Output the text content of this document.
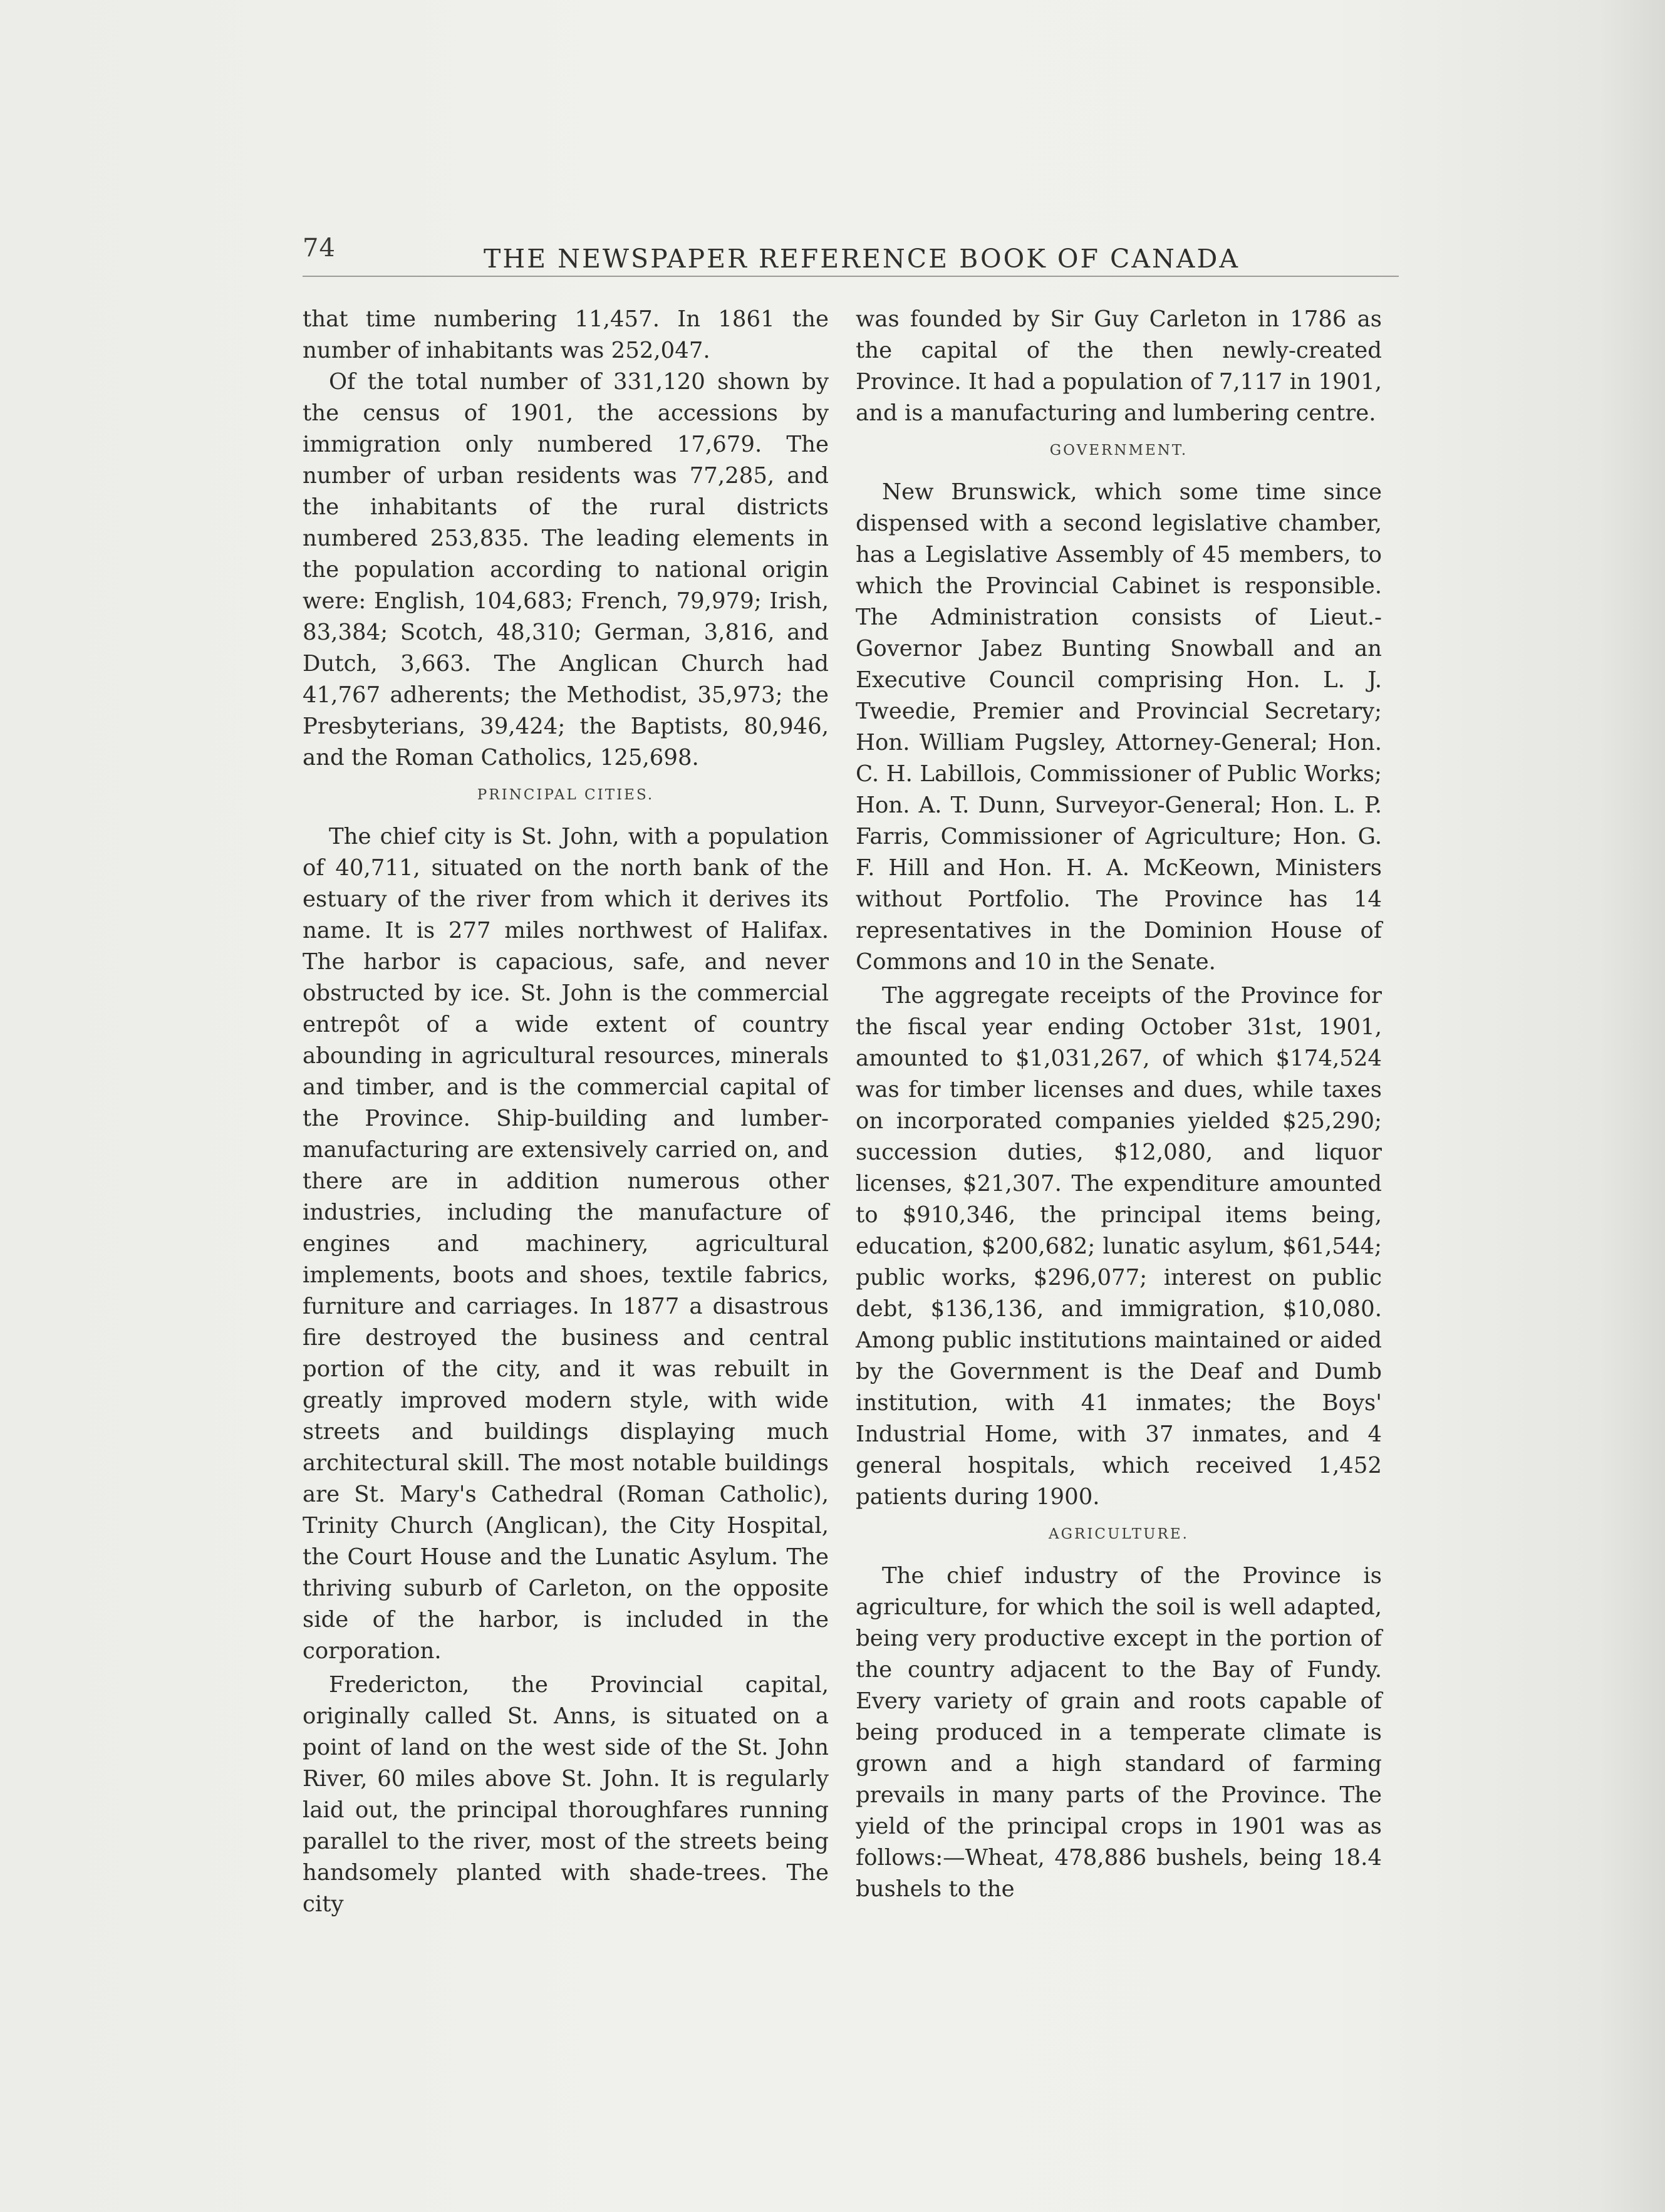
74	THE NEWSPAPER REFERENCE BOOK OF CANADA

that time numbering 11,457. In 1861 the number of inhabitants was 252,047.

Of the total number of 331,120 shown by the census of 1901, the accessions by immigration only numbered 17,679. The number of urban residents was 77,285, and the inhabitants of the rural districts numbered 253,835. The leading elements in the population according to national origin were: English, 104,683; French, 79,979; Irish, 83,384; Scotch, 48,310; German, 3,816, and Dutch, 3,663. The Anglican Church had 41,767 adherents; the Methodist, 35,973; the Presbyterians, 39,424; the Baptists, 80,946, and the Roman Catholics, 125,698.

PRINCIPAL CITIES.

The chief city is St. John, with a population of 40,711, situated on the north bank of the estuary of the river from which it derives its name. It is 277 miles northwest of Halifax. The harbor is capacious, safe, and never obstructed by ice. St. John is the commercial entrepôt of a wide extent of country abounding in agricultural resources, minerals and timber, and is the commercial capital of the Province. Ship-building and lumber-manufacturing are extensively carried on, and there are in addition numerous other industries, including the manufacture of engines and machinery, agricultural implements, boots and shoes, textile fabrics, furniture and carriages. In 1877 a disastrous fire destroyed the business and central portion of the city, and it was rebuilt in greatly improved modern style, with wide streets and buildings displaying much architectural skill. The most notable buildings are St. Mary's Cathedral (Roman Catholic), Trinity Church (Anglican), the City Hospital, the Court House and the Lunatic Asylum. The thriving suburb of Carleton, on the opposite side of the harbor, is included in the corporation.

Fredericton, the Provincial capital, originally called St. Anns, is situated on a point of land on the west side of the St. John River, 60 miles above St. John. It is regularly laid out, the principal thoroughfares running parallel to the river, most of the streets being handsomely planted with shade-trees. The city

was founded by Sir Guy Carleton in 1786 as the capital of the then newly-created Province. It had a population of 7,117 in 1901, and is a manufacturing and lumbering centre.

GOVERNMENT.

New Brunswick, which some time since dispensed with a second legislative chamber, has a Legislative Assembly of 45 members, to which the Provincial Cabinet is responsible. The Administration consists of Lieut.-Governor Jabez Bunting Snowball and an Executive Council comprising Hon. L. J. Tweedie, Premier and Provincial Secretary; Hon. William Pugsley, Attorney-General; Hon. C. H. Labillois, Commissioner of Public Works; Hon. A. T. Dunn, Surveyor-General; Hon. L. P. Farris, Commissioner of Agriculture; Hon. G. F. Hill and Hon. H. A. McKeown, Ministers without Portfolio. The Province has 14 representatives in the Dominion House of Commons and 10 in the Senate.

The aggregate receipts of the Province for the fiscal year ending October 31st, 1901, amounted to $1,031,267, of which $174,524 was for timber licenses and dues, while taxes on incorporated companies yielded $25,290; succession duties, $12,080, and liquor licenses, $21,307. The expenditure amounted to $910,346, the principal items being, education, $200,682; lunatic asylum, $61,544; public works, $296,077; interest on public debt, $136,136, and immigration, $10,080. Among public institutions maintained or aided by the Government is the Deaf and Dumb institution, with 41 inmates; the Boys' Industrial Home, with 37 inmates, and 4 general hospitals, which received 1,452 patients during 1900.

AGRICULTURE.

The chief industry of the Province is agriculture, for which the soil is well adapted, being very productive except in the portion of the country adjacent to the Bay of Fundy. Every variety of grain and roots capable of being produced in a temperate climate is grown and a high standard of farming prevails in many parts of the Province. The yield of the principal crops in 1901 was as follows:—Wheat, 478,886 bushels, being 18.4 bushels to the
